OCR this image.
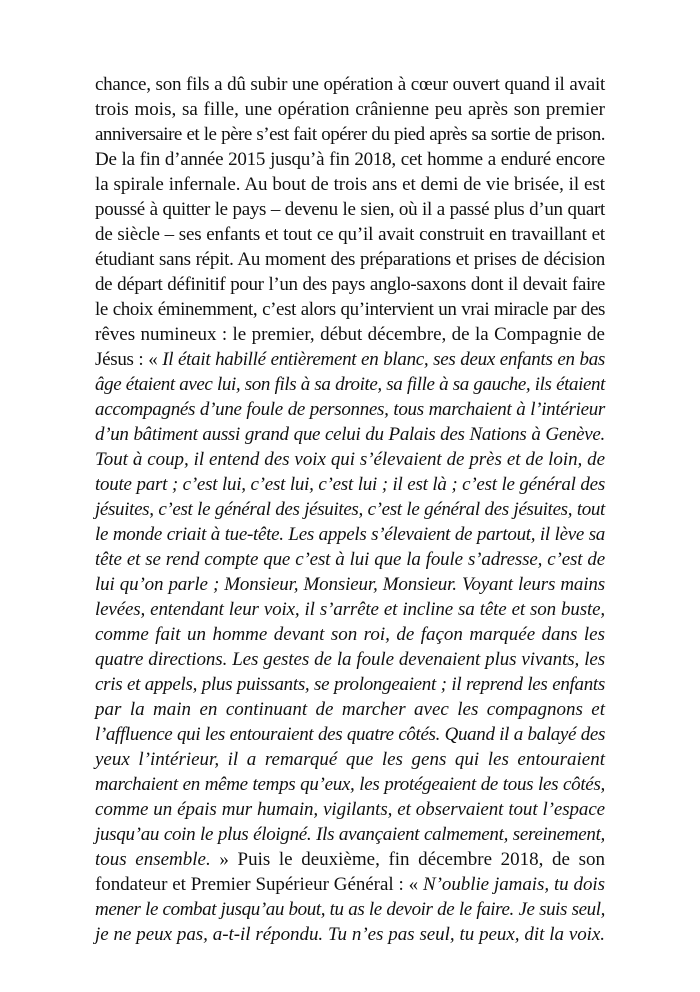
chance, son fils a dû subir une opération à cœur ouvert quand il avait
trois mois, sa fille, une opération crânienne peu après son premier
anniversaire et le père s’est fait opérer du pied après sa sortie de prison.
De la fin d’année 2015 jusqu’à fin 2018, cet homme a enduré encore
la spirale infernale. Au bout de trois ans et demi de vie brisée, il est
poussé à quitter le pays – devenu le sien, où il a passé plus d’un quart
de siècle – ses enfants et tout ce qu’il avait construit en travaillant et
étudiant sans répit. Au moment des préparations et prises de décision
de départ définitif pour l’un des pays anglo-saxons dont il devait faire
le choix éminemment, c’est alors qu’intervient un vrai miracle par des
rêves numineux : le premier, début décembre, de la Compagnie de
Jésus : « Il était habillé entièrement en blanc, ses deux enfants en bas
âge étaient avec lui, son fils à sa droite, sa fille à sa gauche, ils étaient
accompagnés d’une foule de personnes, tous marchaient à l’intérieur
d’un bâtiment aussi grand que celui du Palais des Nations à Genève.
Tout à coup, il entend des voix qui s’élevaient de près et de loin, de
toute part ; c’est lui, c’est lui, c’est lui ; il est là ; c’est le général des
jésuites, c’est le général des jésuites, c’est le général des jésuites, tout
le monde criait à tue-tête. Les appels s’élevaient de partout, il lève sa
tête et se rend compte que c’est à lui que la foule s’adresse, c’est de
lui qu’on parle ; Monsieur, Monsieur, Monsieur. Voyant leurs mains
levées, entendant leur voix, il s’arrête et incline sa tête et son buste,
comme fait un homme devant son roi, de façon marquée dans les
quatre directions. Les gestes de la foule devenaient plus vivants, les
cris et appels, plus puissants, se prolongeaient ; il reprend les enfants
par la main en continuant de marcher avec les compagnons et
l’affluence qui les entouraient des quatre côtés. Quand il a balayé des
yeux l’intérieur, il a remarqué que les gens qui les entouraient
marchaient en même temps qu’eux, les protégeaient de tous les côtés,
comme un épais mur humain, vigilants, et observaient tout l’espace
jusqu’au coin le plus éloigné. Ils avançaient calmement, sereinement,
tous ensemble. » Puis le deuxième, fin décembre 2018, de son
fondateur et Premier Supérieur Général : « N’oublie jamais, tu dois
mener le combat jusqu’au bout, tu as le devoir de le faire. Je suis seul,
je ne peux pas, a-t-il répondu. Tu n’es pas seul, tu peux, dit la voix.
